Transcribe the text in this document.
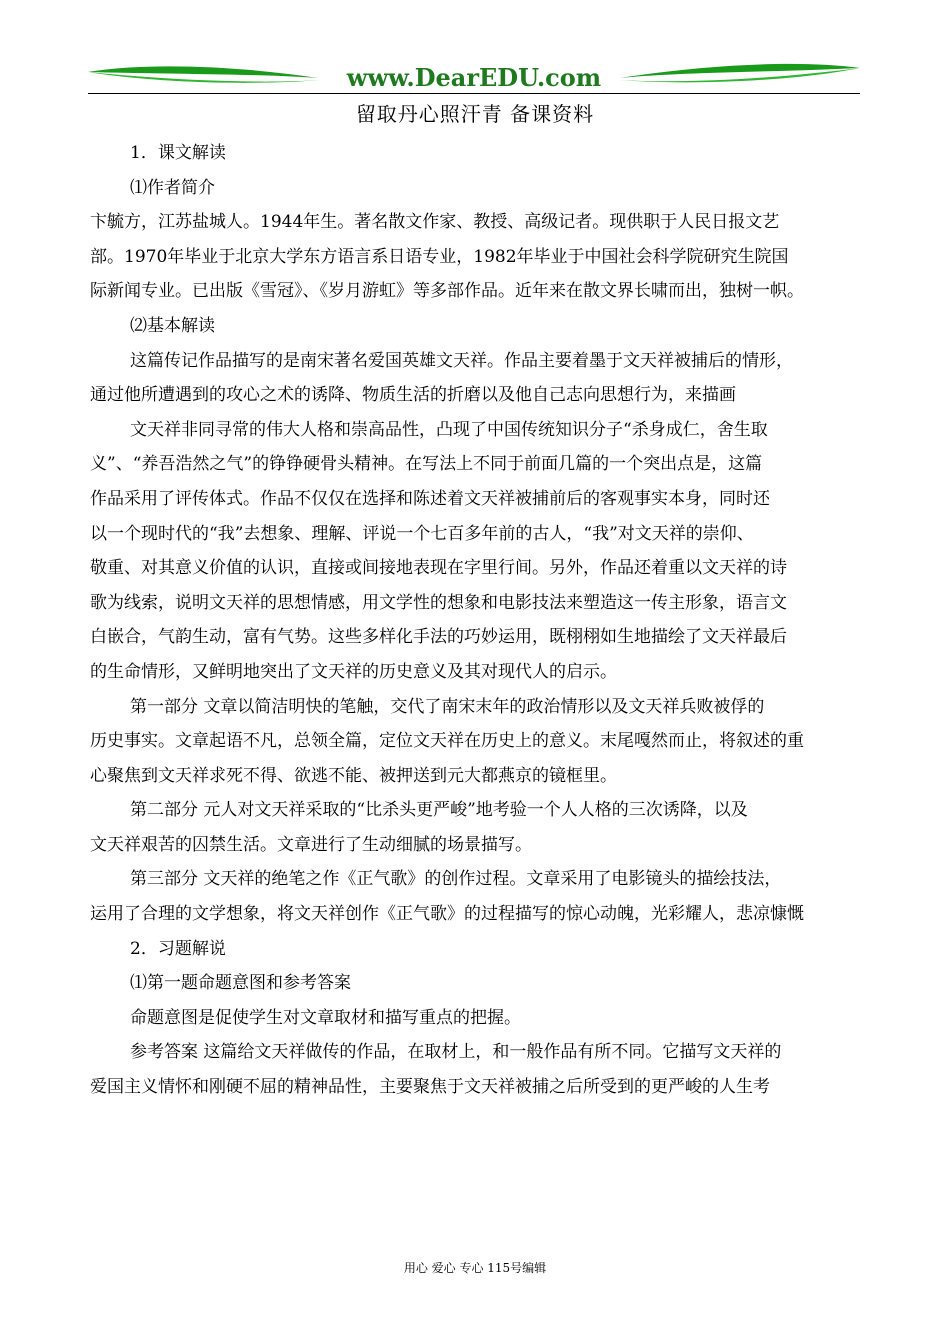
www.DearEDU.com
留取丹心照汗青 备课资料
1．课文解读
⑴作者简介
卞毓方，江苏盐城人。1944年生。著名散文作家、教授、高级记者。现供职于人民日报文艺
部。1970年毕业于北京大学东方语言系日语专业，1982年毕业于中国社会科学院研究生院国
际新闻专业。已出版《雪冠》、《岁月游虹》等多部作品。近年来在散文界长啸而出，独树一帜。
⑵基本解读
这篇传记作品描写的是南宋著名爱国英雄文天祥。作品主要着墨于文天祥被捕后的情形，
通过他所遭遇到的攻心之术的诱降、物质生活的折磨以及他自己志向思想行为，来描画
文天祥非同寻常的伟大人格和崇高品性，凸现了中国传统知识分子“杀身成仁，舍生取
义”、“养吾浩然之气”的铮铮硬骨头精神。在写法上不同于前面几篇的一个突出点是，这篇
作品采用了评传体式。作品不仅仅在选择和陈述着文天祥被捕前后的客观事实本身，同时还
以一个现时代的“我”去想象、理解、评说一个七百多年前的古人，“我”对文天祥的崇仰、
敬重、对其意义价值的认识，直接或间接地表现在字里行间。另外，作品还着重以文天祥的诗
歌为线索，说明文天祥的思想情感，用文学性的想象和电影技法来塑造这一传主形象，语言文
白嵌合，气韵生动，富有气势。这些多样化手法的巧妙运用，既栩栩如生地描绘了文天祥最后
的生命情形，又鲜明地突出了文天祥的历史意义及其对现代人的启示。
第一部分 文章以简洁明快的笔触，交代了南宋末年的政治情形以及文天祥兵败被俘的
历史事实。文章起语不凡，总领全篇，定位文天祥在历史上的意义。末尾嘎然而止，将叙述的重
心聚焦到文天祥求死不得、欲逃不能、被押送到元大都燕京的镜框里。
第二部分 元人对文天祥采取的“比杀头更严峻”地考验一个人人格的三次诱降，以及
文天祥艰苦的囚禁生活。文章进行了生动细腻的场景描写。
第三部分 文天祥的绝笔之作《正气歌》的创作过程。文章采用了电影镜头的描绘技法，
运用了合理的文学想象，将文天祥创作《正气歌》的过程描写的惊心动魄，光彩耀人，悲凉慷慨
2．习题解说
⑴第一题命题意图和参考答案
命题意图是促使学生对文章取材和描写重点的把握。
参考答案 这篇给文天祥做传的作品，在取材上，和一般作品有所不同。它描写文天祥的
爱国主义情怀和刚硬不屈的精神品性，主要聚焦于文天祥被捕之后所受到的更严峻的人生考
用心 爱心 专心 115号编辑
